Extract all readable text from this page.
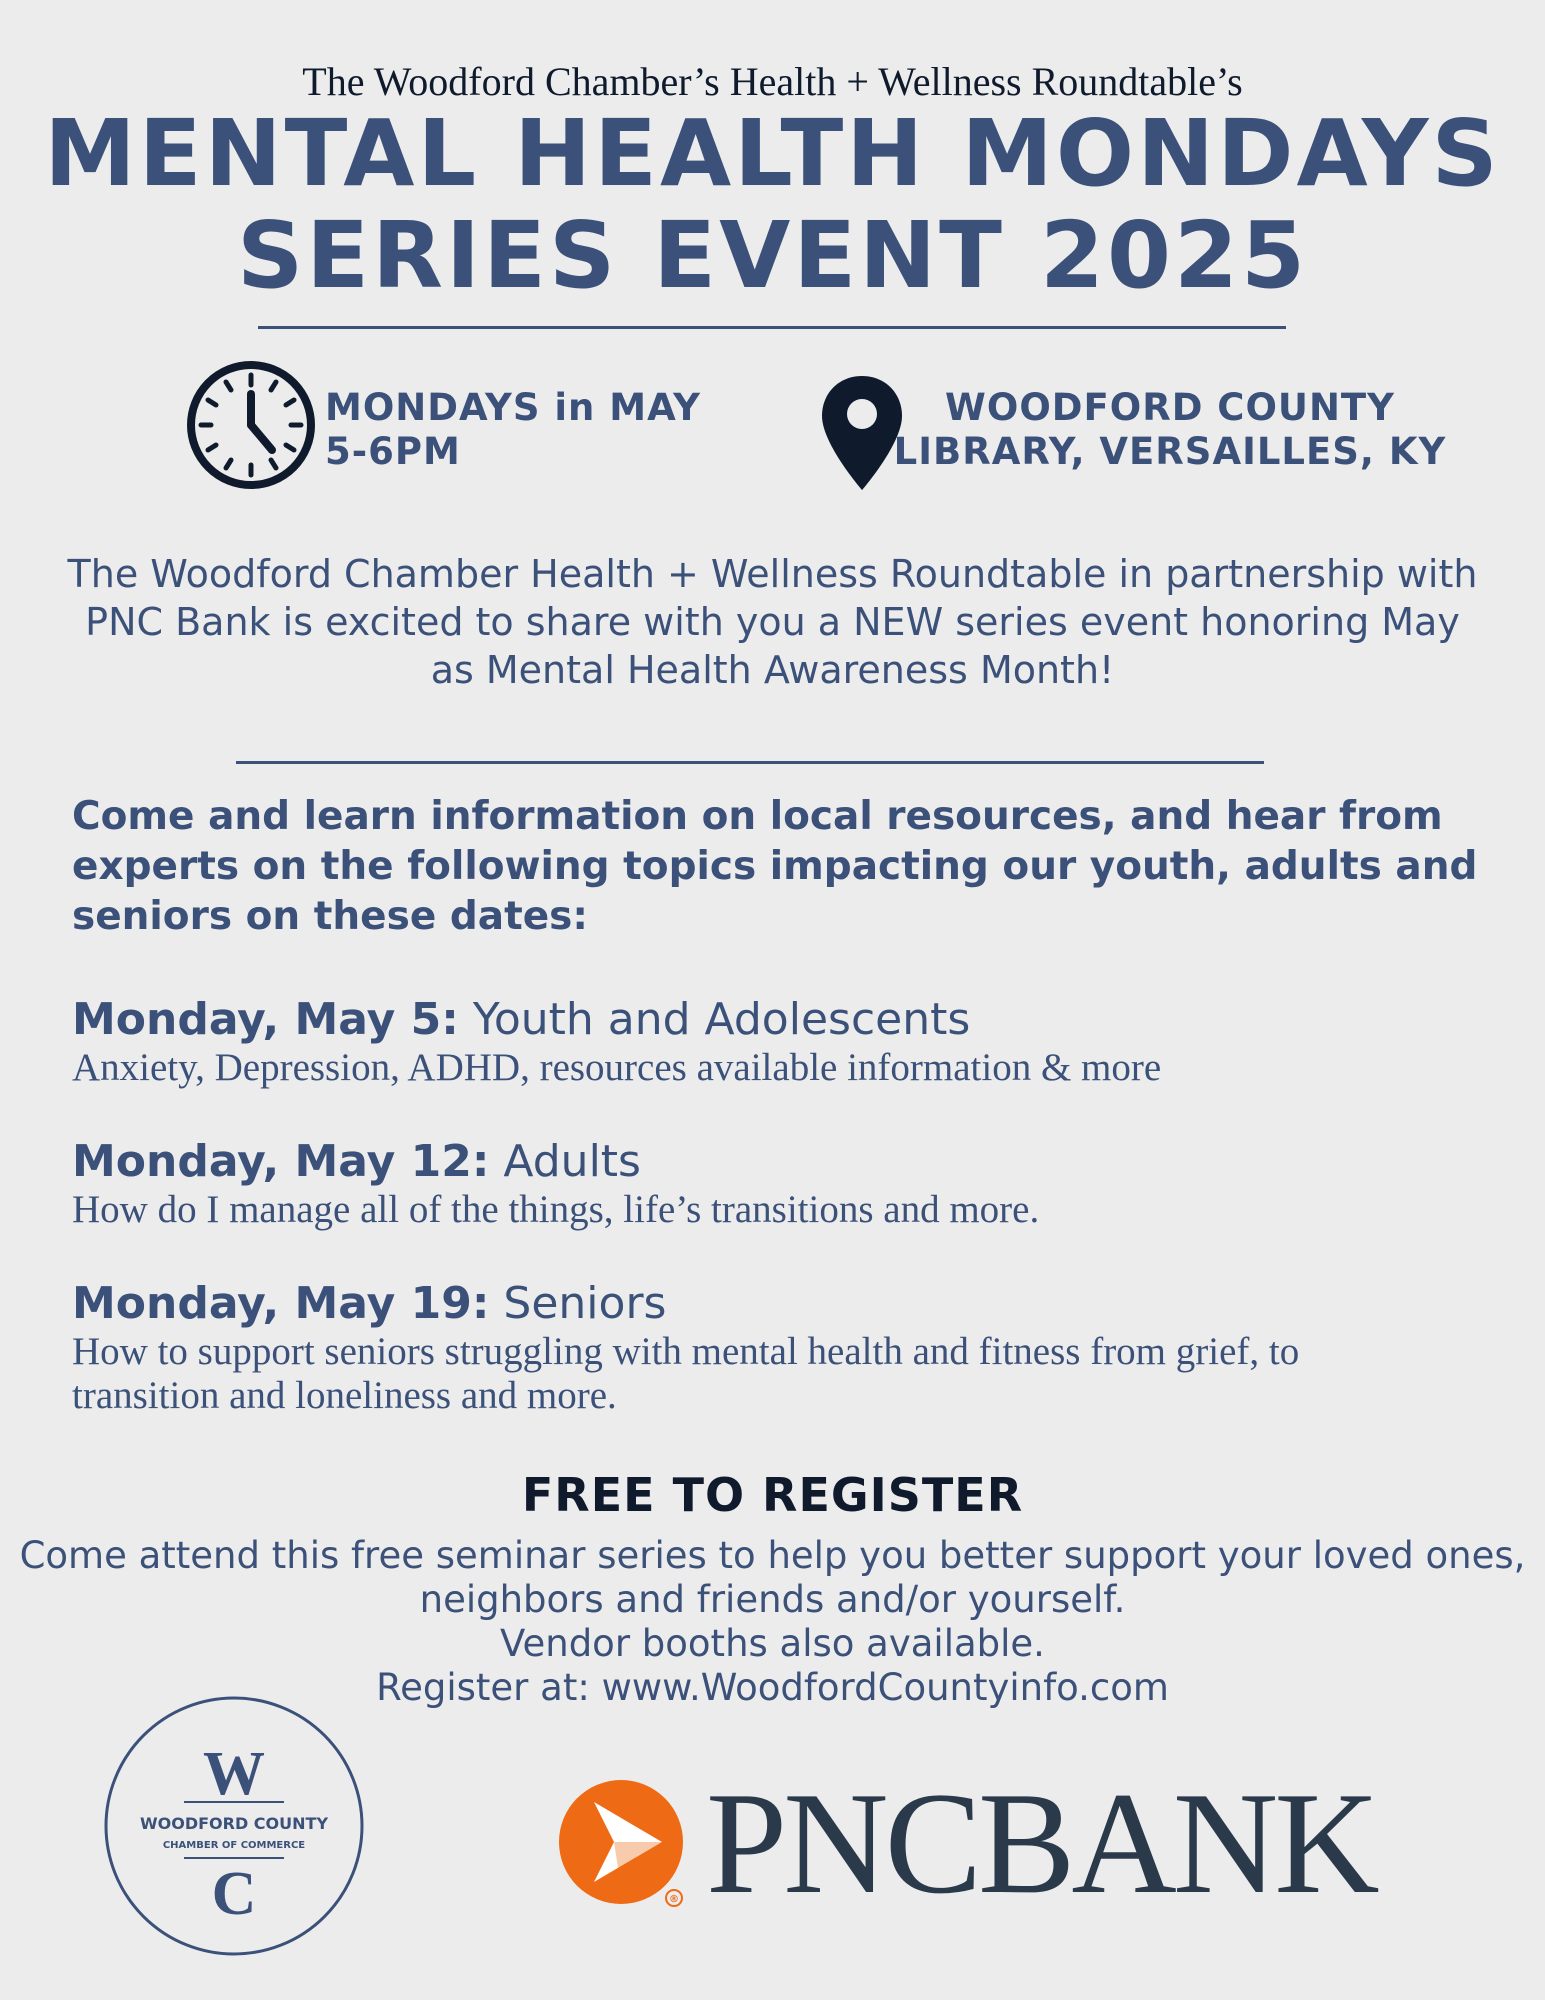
The Woodford Chamber’s Health + Wellness Roundtable’s
MENTAL HEALTH MONDAYS
SERIES EVENT 2025
MONDAYS in MAY
5-6PM
WOODFORD COUNTY
LIBRARY, VERSAILLES, KY
The Woodford Chamber Health + Wellness Roundtable in partnership with
PNC Bank is excited to share with you a NEW series event honoring May
as Mental Health Awareness Month!
Come and learn information on local resources, and hear from
experts on the following topics impacting our youth, adults and
seniors on these dates:
Monday, May 5: Youth and Adolescents
Anxiety, Depression, ADHD, resources available information & more
Monday, May 12: Adults
How do I manage all of the things, life’s transitions and more.
Monday, May 19: Seniors
How to support seniors struggling with mental health and fitness from grief, to
transition and loneliness and more.
FREE TO REGISTER
Come attend this free seminar series to help you better support your loved ones,
neighbors and friends and/or yourself.
Vendor booths also available.
Register at: www.WoodfordCountyinfo.com
W
WOODFORD COUNTY
CHAMBER OF COMMERCE
C	® PNCBANK
